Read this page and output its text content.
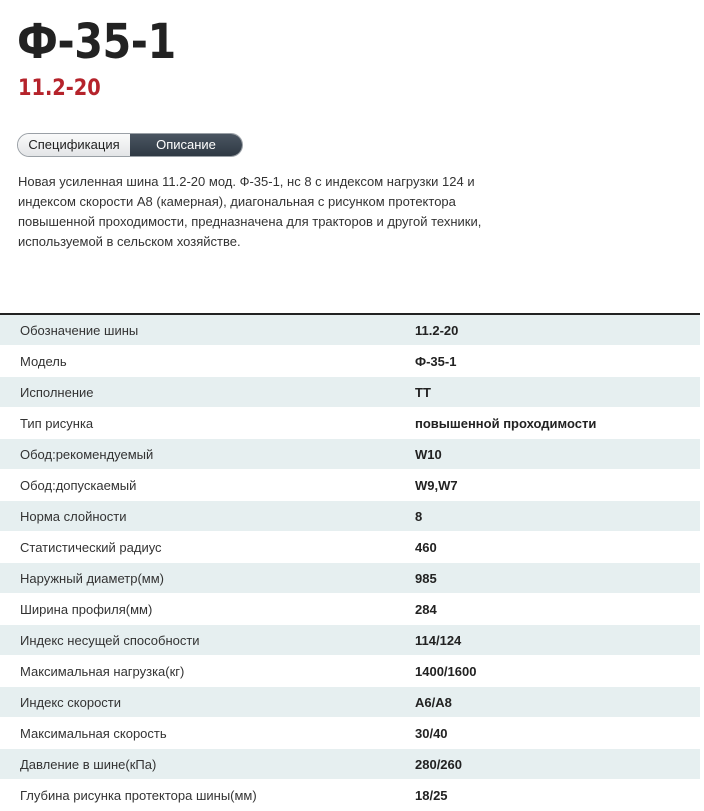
Ф-35-1
11.2-20
Спецификация	Описание

Новая усиленная шина 11.2-20 мод. Ф-35-1, нс 8 с индексом нагрузки 124 и индексом скорости А8 (камерная), диагональная с рисунком протектора повышенной проходимости, предназначена для тракторов и другой техники, используемой в сельском хозяйстве.

Обозначение шины	11.2-20
Модель	Ф-35-1
Исполнение	TT
Тип рисунка	повышенной проходимости
Обод:рекомендуемый	W10
Обод:допускаемый	W9,W7
Норма слойности	8
Статистический радиус	460
Наружный диаметр(мм)	985
Ширина профиля(мм)	284
Индекс несущей способности	114/124
Максимальная нагрузка(кг)	1400/1600
Индекс скорости	A6/A8
Максимальная скорость	30/40
Давление в шине(кПа)	280/260
Глубина рисунка протектора шины(мм)	18/25
